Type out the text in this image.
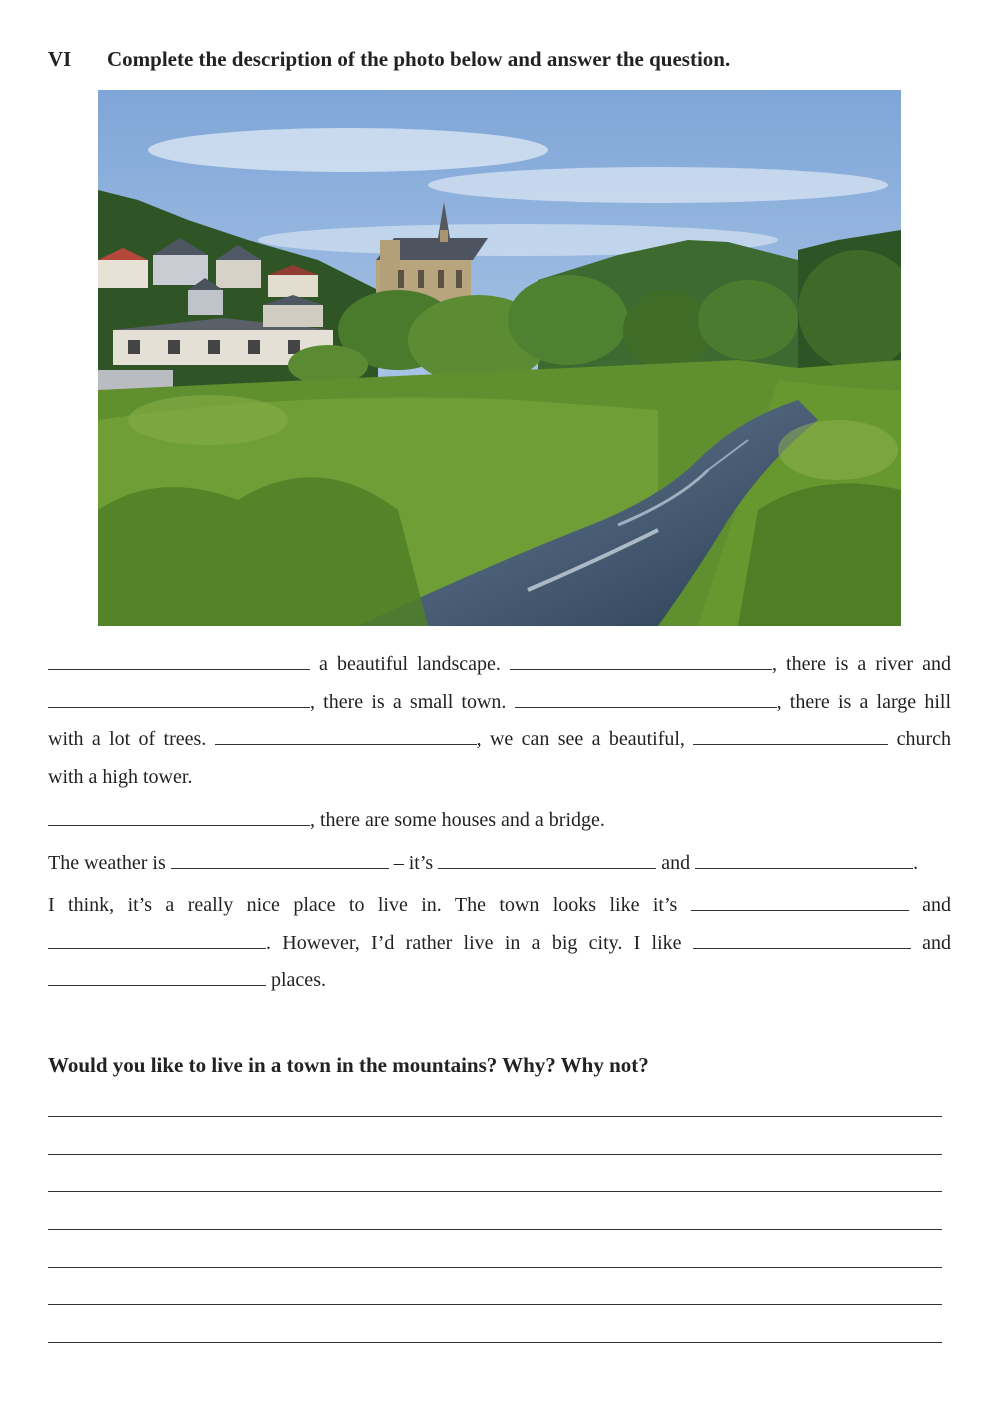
VI Complete the description of the photo below and answer the question.
a beautiful landscape.	, there is a river and , there is a small town.	, there is a large hill with a lot of trees.	, we can see a beautiful,	church
with a high tower.
, there are some houses and a bridge.
The weather is	– it’s	and	.
I think, it’s a really nice place to live in. The town looks like it’s	and . However, I’d rather live in a big city. I like	and
places.
Would you like to live in a town in the mountains? Why? Why not?
